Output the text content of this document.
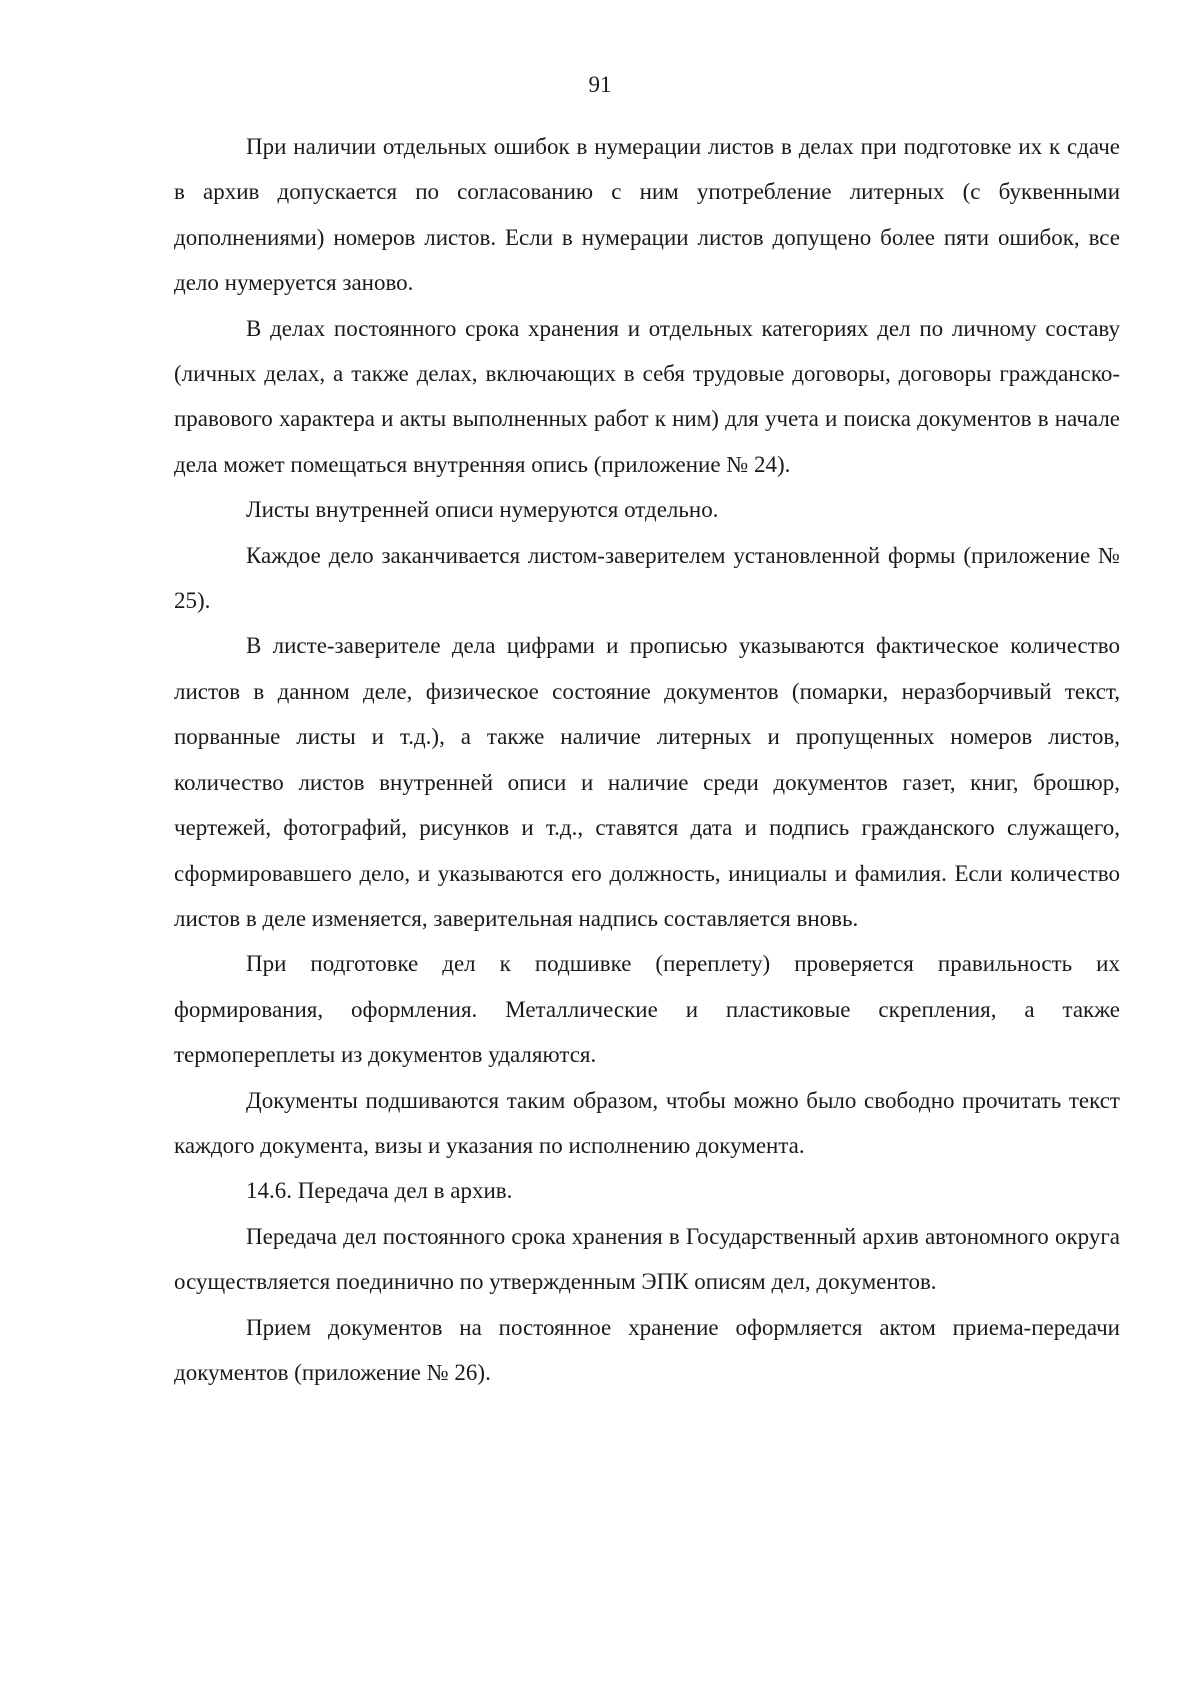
91

При наличии отдельных ошибок в нумерации листов в делах при подготовке их к сдаче в архив допускается по согласованию с ним употребление литерных (с буквенными дополнениями) номеров листов. Если в нумерации листов допущено более пяти ошибок, все дело нумеруется заново.

В делах постоянного срока хранения и отдельных категориях дел по личному составу (личных делах, а также делах, включающих в себя трудовые договоры, договоры гражданско-правового характера и акты выполненных работ к ним) для учета и поиска документов в начале дела может помещаться внутренняя опись (приложение № 24).

Листы внутренней описи нумеруются отдельно.

Каждое дело заканчивается листом-заверителем установленной формы (приложение № 25).

В листе-заверителе дела цифрами и прописью указываются фактическое количество листов в данном деле, физическое состояние документов (помарки, неразборчивый текст, порванные листы и т.д.), а также наличие литерных и пропущенных номеров листов, количество листов внутренней описи и наличие среди документов газет, книг, брошюр, чертежей, фотографий, рисунков и т.д., ставятся дата и подпись гражданского служащего, сформировавшего дело, и указываются его должность, инициалы и фамилия. Если количество листов в деле изменяется, заверительная надпись составляется вновь.

При подготовке дел к подшивке (переплету) проверяется правильность их формирования, оформления. Металлические и пластиковые скрепления, а также термопереплеты из документов удаляются.

Документы подшиваются таким образом, чтобы можно было свободно прочитать текст каждого документа, визы и указания по исполнению документа.

14.6. Передача дел в архив.

Передача дел постоянного срока хранения в Государственный архив автономного округа осуществляется поединично по утвержденным ЭПК описям дел, документов.

Прием документов на постоянное хранение оформляется актом приема-передачи документов (приложение № 26).
